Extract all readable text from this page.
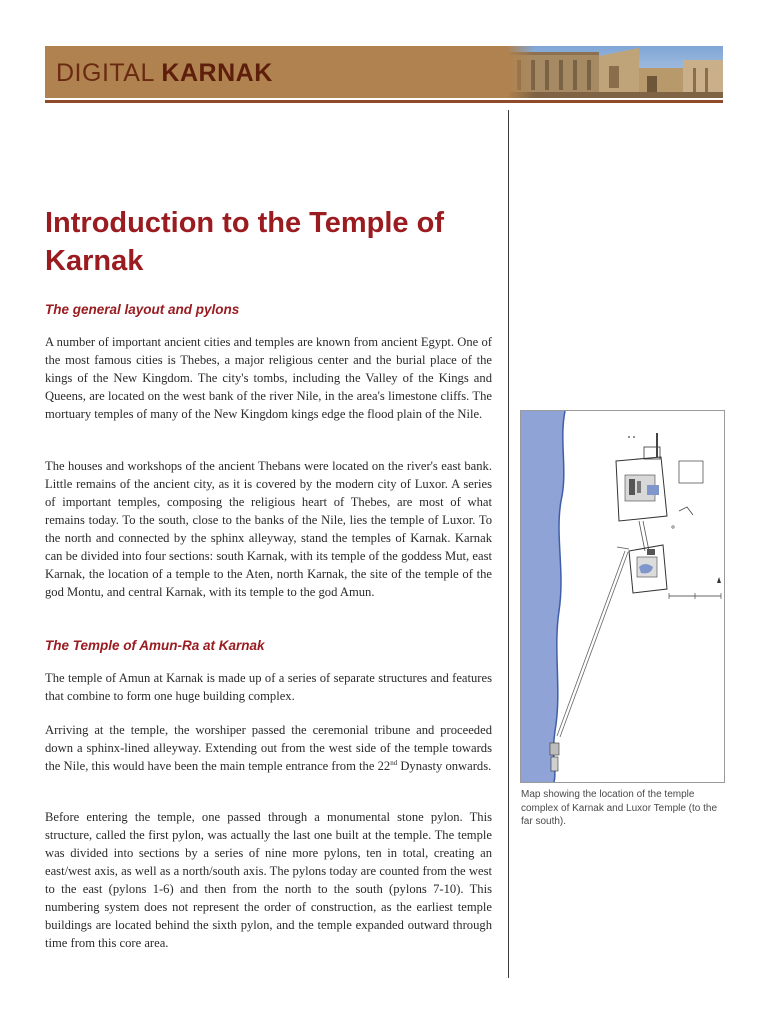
DIGITAL KARNAK
Introduction to the Temple of Karnak
The general layout and pylons

A number of important ancient cities and temples are known from ancient Egypt. One of the most famous cities is Thebes, a major religious center and the burial place of the kings of the New Kingdom. The city's tombs, including the Valley of the Kings and Queens, are located on the west bank of the river Nile, in the area's limestone cliffs. The mortuary temples of many of the New Kingdom kings edge the flood plain of the Nile.

The houses and workshops of the ancient Thebans were located on the river's east bank. Little remains of the ancient city, as it is covered by the modern city of Luxor. A series of important temples, composing the religious heart of Thebes, are most of what remains today. To the south, close to the banks of the Nile, lies the temple of Luxor. To the north and connected by the sphinx alleyway, stand the temples of Karnak. Karnak can be divided into four sections: south Karnak, with its temple of the goddess Mut, east Karnak, the location of a temple to the Aten, north Karnak, the site of the temple of the god Montu, and central Karnak, with its temple to the god Amun.

The Temple of Amun-Ra at Karnak

The temple of Amun at Karnak is made up of a series of separate structures and features that combine to form one huge building complex.

Arriving at the temple, the worshiper passed the ceremonial tribune and proceeded down a sphinx-lined alleyway. Extending out from the west side of the temple towards the Nile, this would have been the main temple entrance from the 22nd Dynasty onwards.

Before entering the temple, one passed through a monumental stone pylon. This structure, called the first pylon, was actually the last one built at the temple. The temple was divided into sections by a series of nine more pylons, ten in total, creating an east/west axis, as well as a north/south axis. The pylons today are counted from the west to the east (pylons 1-6) and then from the north to the south (pylons 7-10). This numbering system does not represent the order of construction, as the earliest temple buildings are located behind the sixth pylon, and the temple expanded outward through time from this core area.

Map showing the location of the temple complex of Karnak and Luxor Temple (to the far south).
